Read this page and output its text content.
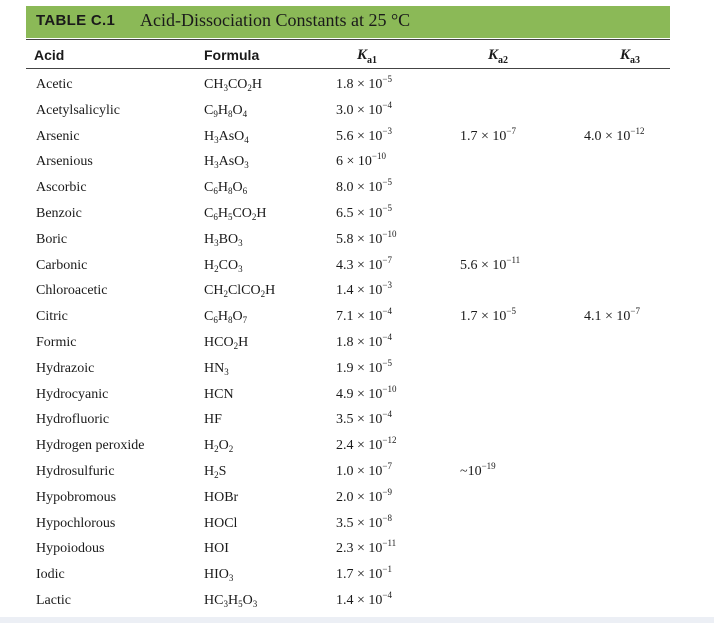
TABLE C.1 Acid-Dissociation Constants at 25 °C
Acid	Formula	$K_{a1}$	$K_{a2}$	$K_{a3}$
Acetic	$CH_3CO_2H$	$1.8 \times 10^{-5}$
Acetylsalicylic	$C_9H_8O_4$	$3.0 \times 10^{-4}$
Arsenic	$H_3AsO_4$	$5.6 \times 10^{-3}$	$1.7 \times 10^{-7}$	$4.0 \times 10^{-12}$
Arsenious	$H_3AsO_3$	$6 \times 10^{-10}$
Ascorbic	$C_6H_8O_6$	$8.0 \times 10^{-5}$
Benzoic	$C_6H_5CO_2H$	$6.5 \times 10^{-5}$
Boric	$H_3BO_3$	$5.8 \times 10^{-10}$
Carbonic	$H_2CO_3$	$4.3 \times 10^{-7}$	$5.6 \times 10^{-11}$
Chloroacetic	$CH_2ClCO_2H$	$1.4 \times 10^{-3}$
Citric	$C_6H_8O_7$	$7.1 \times 10^{-4}$	$1.7 \times 10^{-5}$	$4.1 \times 10^{-7}$
Formic	$HCO_2H$	$1.8 \times 10^{-4}$
Hydrazoic	$HN_3$	$1.9 \times 10^{-5}$
Hydrocyanic	HCN	$4.9 \times 10^{-10}$
Hydrofluoric	HF	$3.5 \times 10^{-4}$
Hydrogen peroxide	$H_2O_2$	$2.4 \times 10^{-12}$
Hydrosulfuric	$H_2S$	$1.0 \times 10^{-7}$	$\sim 10^{-19}$
Hypobromous	HOBr	$2.0 \times 10^{-9}$
Hypochlorous	HOCl	$3.5 \times 10^{-8}$
Hypoiodous	HOI	$2.3 \times 10^{-11}$
Iodic	$HIO_3$	$1.7 \times 10^{-1}$
Lactic	$HC_3H_5O_3$	$1.4 \times 10^{-4}$
